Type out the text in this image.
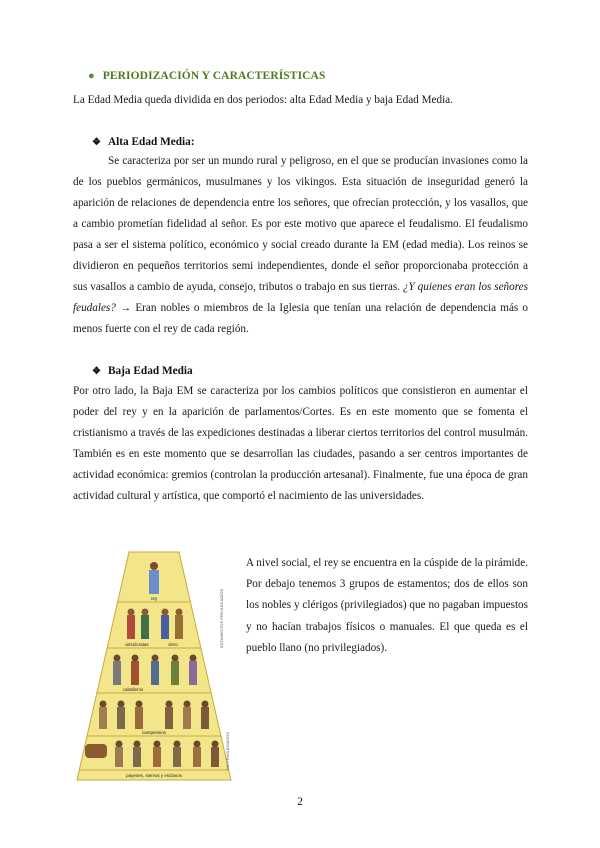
● PERIODIZACIÓN Y CARACTERÍSTICAS
La Edad Media queda dividida en dos periodos: alta Edad Media y baja Edad Media.
❖ Alta Edad Media:
Se caracteriza por ser un mundo rural y peligroso, en el que se producían invasiones como la de los pueblos germánicos, musulmanes y los vikingos. Esta situación de inseguridad generó la aparición de relaciones de dependencia entre los señores, que ofrecían protección, y los vasallos, que a cambio prometían fidelidad al señor. Es por este motivo que aparece el feudalismo. El feudalismo pasa a ser el sistema político, económico y social creado durante la EM (edad media). Los reinos se dividieron en pequeños territorios semi independientes, donde el señor proporcionaba protección a sus vasallos a cambio de ayuda, consejo, tributos o trabajo en sus tierras. ¿Y quienes eran los señores feudales? → Eran nobles o miembros de la Iglesia que tenían una relación de dependencia más o menos fuerte con el rey de cada región.
❖ Baja Edad Media
Por otro lado, la Baja EM se caracteriza por los cambios políticos que consistieron en aumentar el poder del rey y en la aparición de parlamentos/Cortes. Es en este momento que se fomenta el cristianismo a través de las expediciones destinadas a liberar ciertos territorios del control musulmán. También es en este momento que se desarrollan las ciudades, pasando a ser centros importantes de actividad económica: gremios (controlan la producción artesanal). Finalmente, fue una época de gran actividad cultural y artística, que comportó el nacimiento de las universidades.
rey
aristócratas	clero
caballeros
campesinos
payeses, siervos y esclavos
ESTAMENTOS PRIVILEGIADOS
NO PRIVILEGIADOS
A nivel social, el rey se encuentra en la cúspide de la pirámide. Por debajo tenemos 3 grupos de estamentos; dos de ellos son los nobles y clérigos (privilegiados) que no pagaban impuestos y no hacían trabajos físicos o manuales. El que queda es el pueblo llano (no privilegiados).
2
